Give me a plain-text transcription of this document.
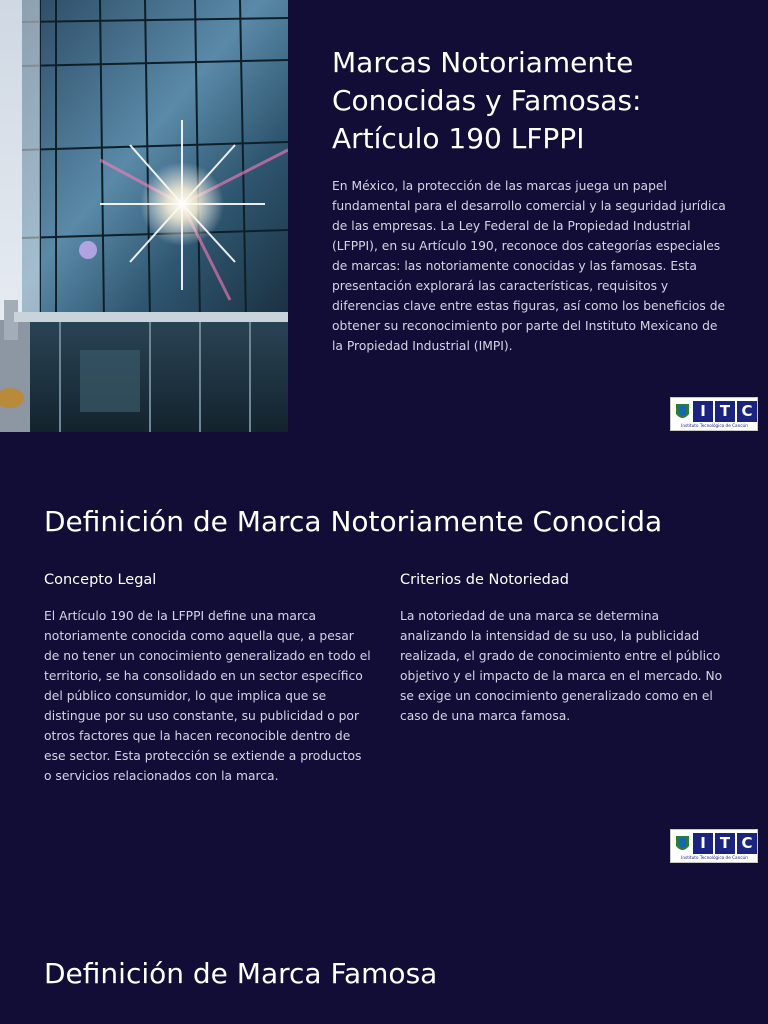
Marcas Notoriamente Conocidas y Famosas: Artículo 190 LFPPI

En México, la protección de las marcas juega un papel fundamental para el desarrollo comercial y la seguridad jurídica de las empresas. La Ley Federal de la Propiedad Industrial (LFPPI), en su Artículo 190, reconoce dos categorías especiales de marcas: las notoriamente conocidas y las famosas. Esta presentación explorará las características, requisitos y diferencias clave entre estas figuras, así como los beneficios de obtener su reconocimiento por parte del Instituto Mexicano de la Propiedad Industrial (IMPI).

I T C
Instituto Tecnológico de Cancún
Definición de Marca Notoriamente Conocida
Concepto Legal

El Artículo 190 de la LFPPI define una marca notoriamente conocida como aquella que, a pesar de no tener un conocimiento generalizado en todo el territorio, se ha consolidado en un sector específico del público consumidor, lo que implica que se distingue por su uso constante, su publicidad o por otros factores que la hacen reconocible dentro de ese sector. Esta protección se extiende a productos o servicios relacionados con la marca.

Criterios de Notoriedad

La notoriedad de una marca se determina analizando la intensidad de su uso, la publicidad realizada, el grado de conocimiento entre el público objetivo y el impacto de la marca en el mercado. No se exige un conocimiento generalizado como en el caso de una marca famosa.

I T C
Instituto Tecnológico de Cancún
Definición de Marca Famosa
